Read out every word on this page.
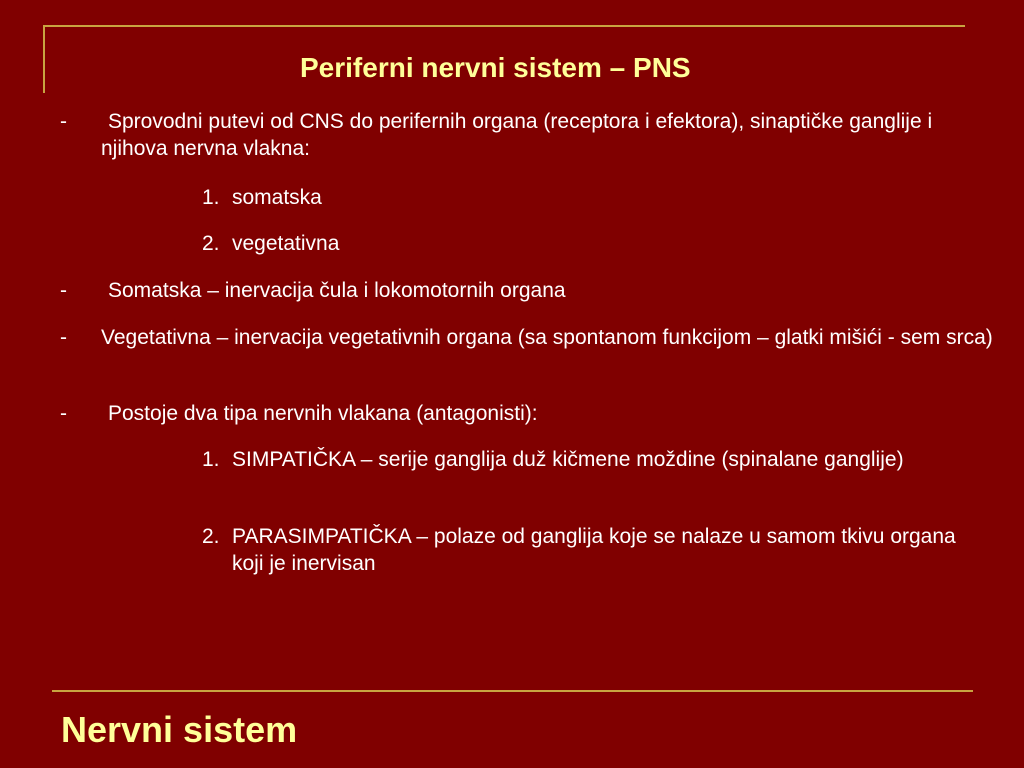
Periferni nervni sistem – PNS
-	Sprovodni putevi od CNS do perifernih organa (receptora i efektora), sinaptičke ganglije i njihova nervna vlakna:
1. somatska
2. vegetativna
-	Somatska – inervacija čula i lokomotornih organa
- Vegetativna – inervacija vegetativnih organa (sa spontanom funkcijom – glatki mišići - sem srca)
-	Postoje dva tipa nervnih vlakana (antagonisti):
1. SIMPATIČKA – serije ganglija duž kičmene moždine (spinalane ganglije)
2. PARASIMPATIČKA – polaze od ganglija koje se nalaze u samom tkivu organa koji je inervisan
Nervni sistem
